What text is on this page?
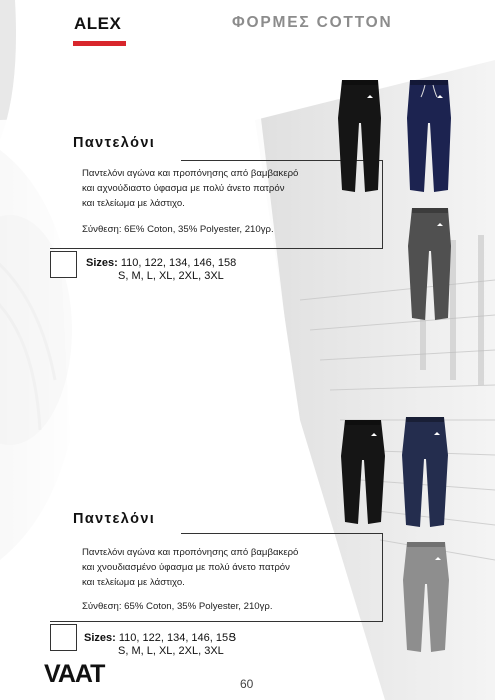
ALEX	ΦΟΡΜΕΣ COTTON
Παντελόνι
Παντελόνι αγώνα και προπόνησης από βαμβακερό
και αχνούδιαστο ύφασμα με πολύ άνετο πατρόν
και τελείωμα με λάστιχο.
Σύνθεση: 6Ε% Coton, 35% Polyester, 210γρ.
Sizes: 110, 122, 134, 146, 158
S, M, L, XL, 2XL, 3XL
Παντελόνι
Παντελόνι αγώνα και προπόνησης από βαμβακερό
και χνουδιασμένο ύφασμα με πολύ άνετο πατρόν
και τελείωμα με λάστιχο.
Σύνθεση: 65% Coton, 35% Polyester, 210γρ.
Sizes: 110, 122, 134, 146, 15Ց
S, M, L, XL, 2XL, 3XL
VAAT	60
